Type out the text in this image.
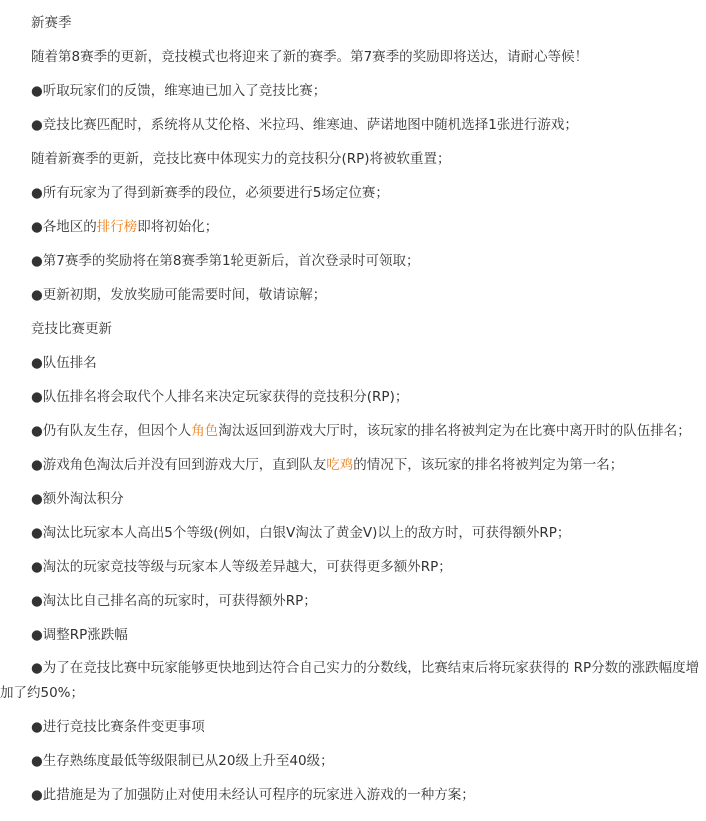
新赛季
随着第8赛季的更新，竞技模式也将迎来了新的赛季。第7赛季的奖励即将送达，请耐心等候！
●听取玩家们的反馈，维寒迪已加入了竞技比赛；
●竞技比赛匹配时，系统将从艾伦格、米拉玛、维寒迪、萨诺地图中随机选择1张进行游戏；
随着新赛季的更新，竞技比赛中体现实力的竞技积分(RP)将被软重置；
●所有玩家为了得到新赛季的段位，必须要进行5场定位赛；
●各地区的排行榜即将初始化；
●第7赛季的奖励将在第8赛季第1轮更新后，首次登录时可领取；
●更新初期，发放奖励可能需要时间，敬请谅解；
竞技比赛更新
●队伍排名
●队伍排名将会取代个人排名来决定玩家获得的竞技积分(RP)；
●仍有队友生存，但因个人角色淘汰返回到游戏大厅时，该玩家的排名将被判定为在比赛中离开时的队伍排名；
●游戏角色淘汰后并没有回到游戏大厅，直到队友吃鸡的情况下，该玩家的排名将被判定为第一名；
●额外淘汰积分
●淘汰比玩家本人高出5个等级(例如，白银V淘汰了黄金V)以上的敌方时，可获得额外RP；
●淘汰的玩家竞技等级与玩家本人等级差异越大，可获得更多额外RP；
●淘汰比自己排名高的玩家时，可获得额外RP；
●调整RP涨跌幅
●为了在竞技比赛中玩家能够更快地到达符合自己实力的分数线，比赛结束后将玩家获得的 RP分数的涨跌幅度增加了约50%；
●进行竞技比赛条件变更事项
●生存熟练度最低等级限制已从20级上升至40级；
●此措施是为了加强防止对使用未经认可程序的玩家进入游戏的一种方案；
